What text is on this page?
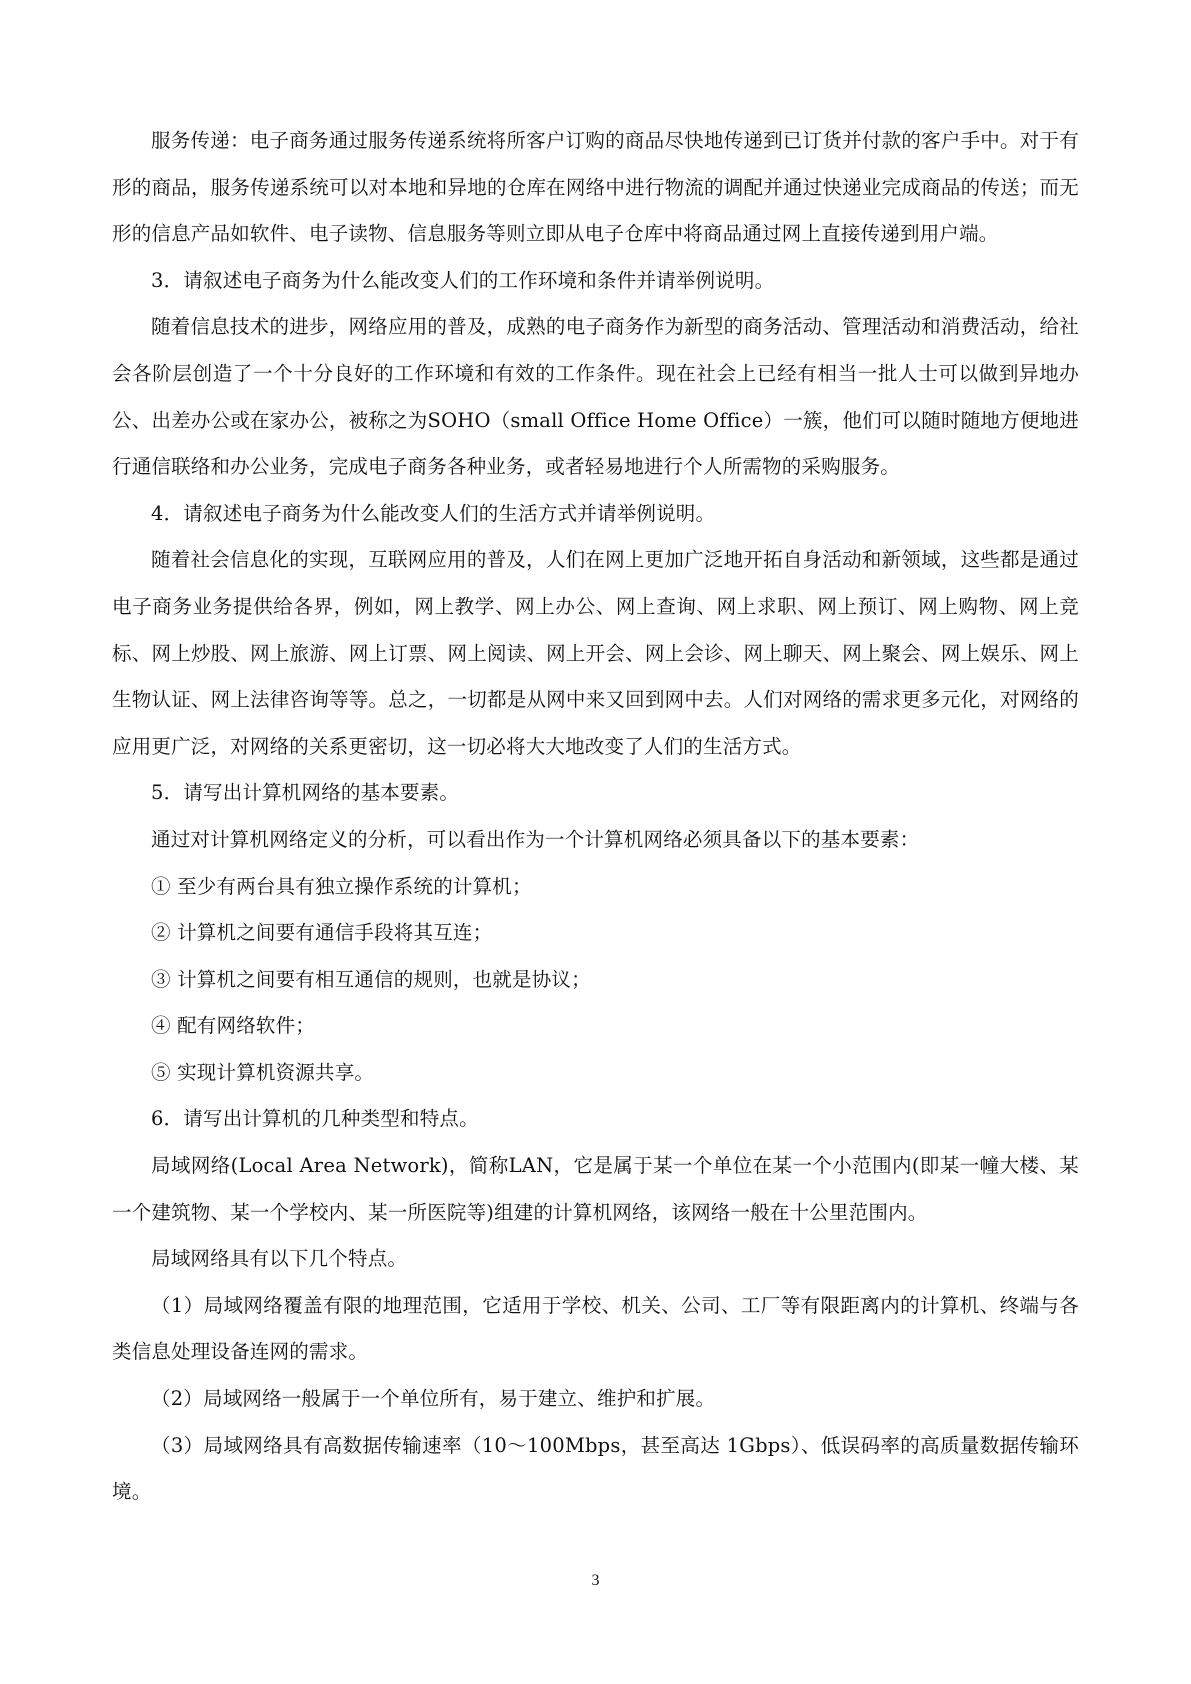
服务传递：电子商务通过服务传递系统将所客户订购的商品尽快地传递到已订货并付款的客户手中。对于有形的商品，服务传递系统可以对本地和异地的仓库在网络中进行物流的调配并通过快递业完成商品的传送；而无形的信息产品如软件、电子读物、信息服务等则立即从电子仓库中将商品通过网上直接传递到用户端。

3．请叙述电子商务为什么能改变人们的工作环境和条件并请举例说明。

随着信息技术的进步，网络应用的普及，成熟的电子商务作为新型的商务活动、管理活动和消费活动，给社会各阶层创造了一个十分良好的工作环境和有效的工作条件。现在社会上已经有相当一批人士可以做到异地办公、出差办公或在家办公，被称之为SOHO（small Office Home Office）一簇，他们可以随时随地方便地进行通信联络和办公业务，完成电子商务各种业务，或者轻易地进行个人所需物的采购服务。

4．请叙述电子商务为什么能改变人们的生活方式并请举例说明。

随着社会信息化的实现，互联网应用的普及，人们在网上更加广泛地开拓自身活动和新领域，这些都是通过电子商务业务提供给各界，例如，网上教学、网上办公、网上查询、网上求职、网上预订、网上购物、网上竞标、网上炒股、网上旅游、网上订票、网上阅读、网上开会、网上会诊、网上聊天、网上聚会、网上娱乐、网上生物认证、网上法律咨询等等。总之，一切都是从网中来又回到网中去。人们对网络的需求更多元化，对网络的应用更广泛，对网络的关系更密切，这一切必将大大地改变了人们的生活方式。

5．请写出计算机网络的基本要素。

通过对计算机网络定义的分析，可以看出作为一个计算机网络必须具备以下的基本要素：

① 至少有两台具有独立操作系统的计算机；

② 计算机之间要有通信手段将其互连；

③ 计算机之间要有相互通信的规则，也就是协议；

④ 配有网络软件；

⑤ 实现计算机资源共享。

6．请写出计算机的几种类型和特点。

局域网络(Local Area Network)，简称LAN，它是属于某一个单位在某一个小范围内(即某一幢大楼、某一个建筑物、某一个学校内、某一所医院等)组建的计算机网络，该网络一般在十公里范围内。

局域网络具有以下几个特点。

（1）局域网络覆盖有限的地理范围，它适用于学校、机关、公司、工厂等有限距离内的计算机、终端与各类信息处理设备连网的需求。

（2）局域网络一般属于一个单位所有，易于建立、维护和扩展。

（3）局域网络具有高数据传输速率（10～100Mbps，甚至高达 1Gbps）、低误码率的高质量数据传输环境。

3
